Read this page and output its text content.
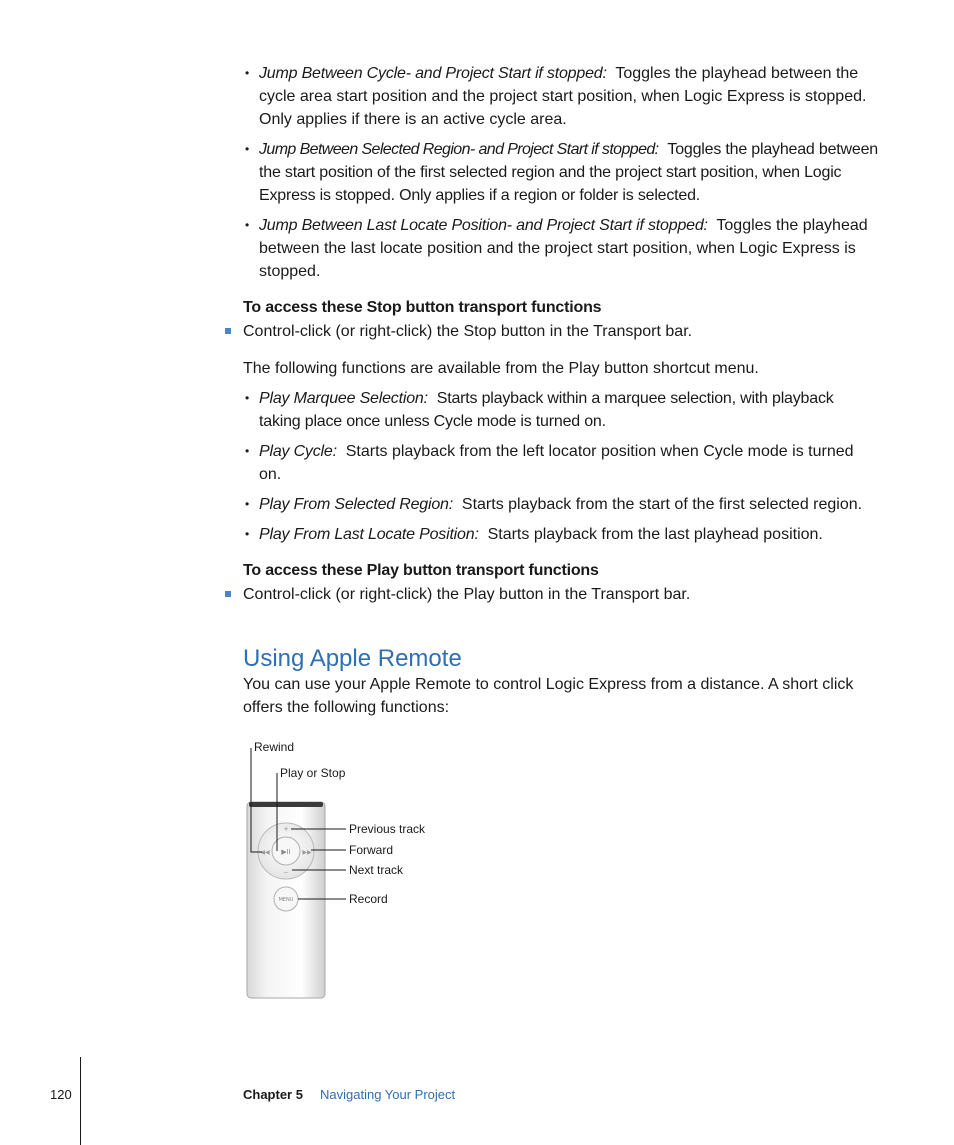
• Jump Between Cycle- and Project Start if stopped: Toggles the playhead between the cycle area start position and the project start position, when Logic Express is stopped. Only applies if there is an active cycle area.
• Jump Between Selected Region- and Project Start if stopped: Toggles the playhead between the start position of the first selected region and the project start position, when Logic Express is stopped. Only applies if a region or folder is selected.
• Jump Between Last Locate Position- and Project Start if stopped: Toggles the playhead between the last locate position and the project start position, when Logic Express is stopped.
To access these Stop button transport functions
Control-click (or right-click) the Stop button in the Transport bar.
The following functions are available from the Play button shortcut menu.
• Play Marquee Selection: Starts playback within a marquee selection, with playback taking place once unless Cycle mode is turned on.
• Play Cycle: Starts playback from the left locator position when Cycle mode is turned on.
• Play From Selected Region: Starts playback from the start of the first selected region.
• Play From Last Locate Position: Starts playback from the last playhead position.
To access these Play button transport functions
Control-click (or right-click) the Play button in the Transport bar.
Using Apple Remote
You can use your Apple Remote to control Logic Express from a distance. A short click offers the following functions:
▶︎II
+
−
◀◀	▶▶
MENU
Rewind
Play or Stop
Previous track
Forward
Next track
Record
120	Chapter 5 Navigating Your Project
